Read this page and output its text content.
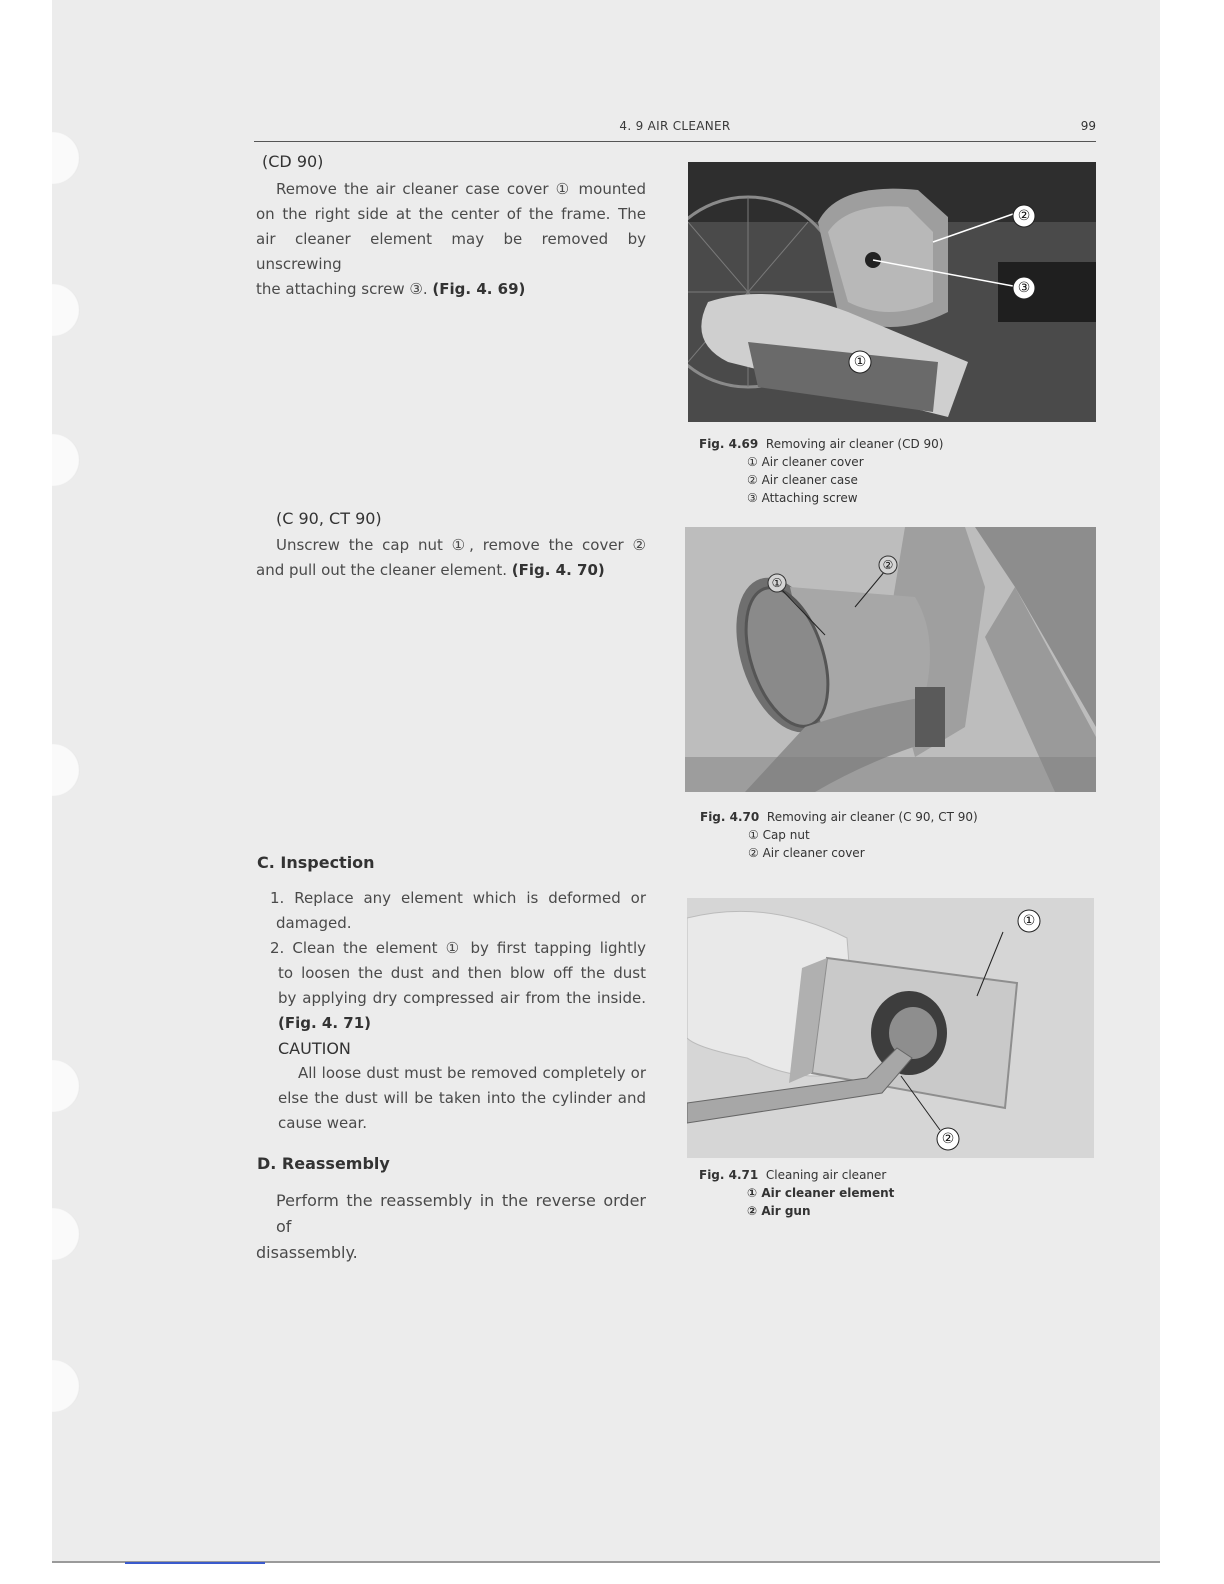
4. 9 AIR CLEANER	99
(CD 90)
Remove the air cleaner case cover ① mounted
on the right side at the center of the frame. The
air cleaner element may be removed by unscrewing
the attaching screw ③. (Fig. 4. 69)
(C 90, CT 90)
Unscrew the cap nut ①, remove the cover ②
and pull out the cleaner element. (Fig. 4. 70)
C. Inspection
1. Replace any element which is deformed or
damaged.
2. Clean the element ① by first tapping lightly
to loosen the dust and then blow off the dust
by applying dry compressed air from the inside.
(Fig. 4. 71)
CAUTION
All loose dust must be removed completely or
else the dust will be taken into the cylinder and
cause wear.
D. Reassembly
Perform the reassembly in the reverse order of
disassembly.
②
③
①
Fig. 4.69 Removing air cleaner (CD 90)
① Air cleaner cover
② Air cleaner case
③ Attaching screw
①
②
Fig. 4.70 Removing air cleaner (C 90, CT 90)
① Cap nut
② Air cleaner cover
①
②
Fig. 4.71 Cleaning air cleaner
① Air cleaner element
② Air gun
